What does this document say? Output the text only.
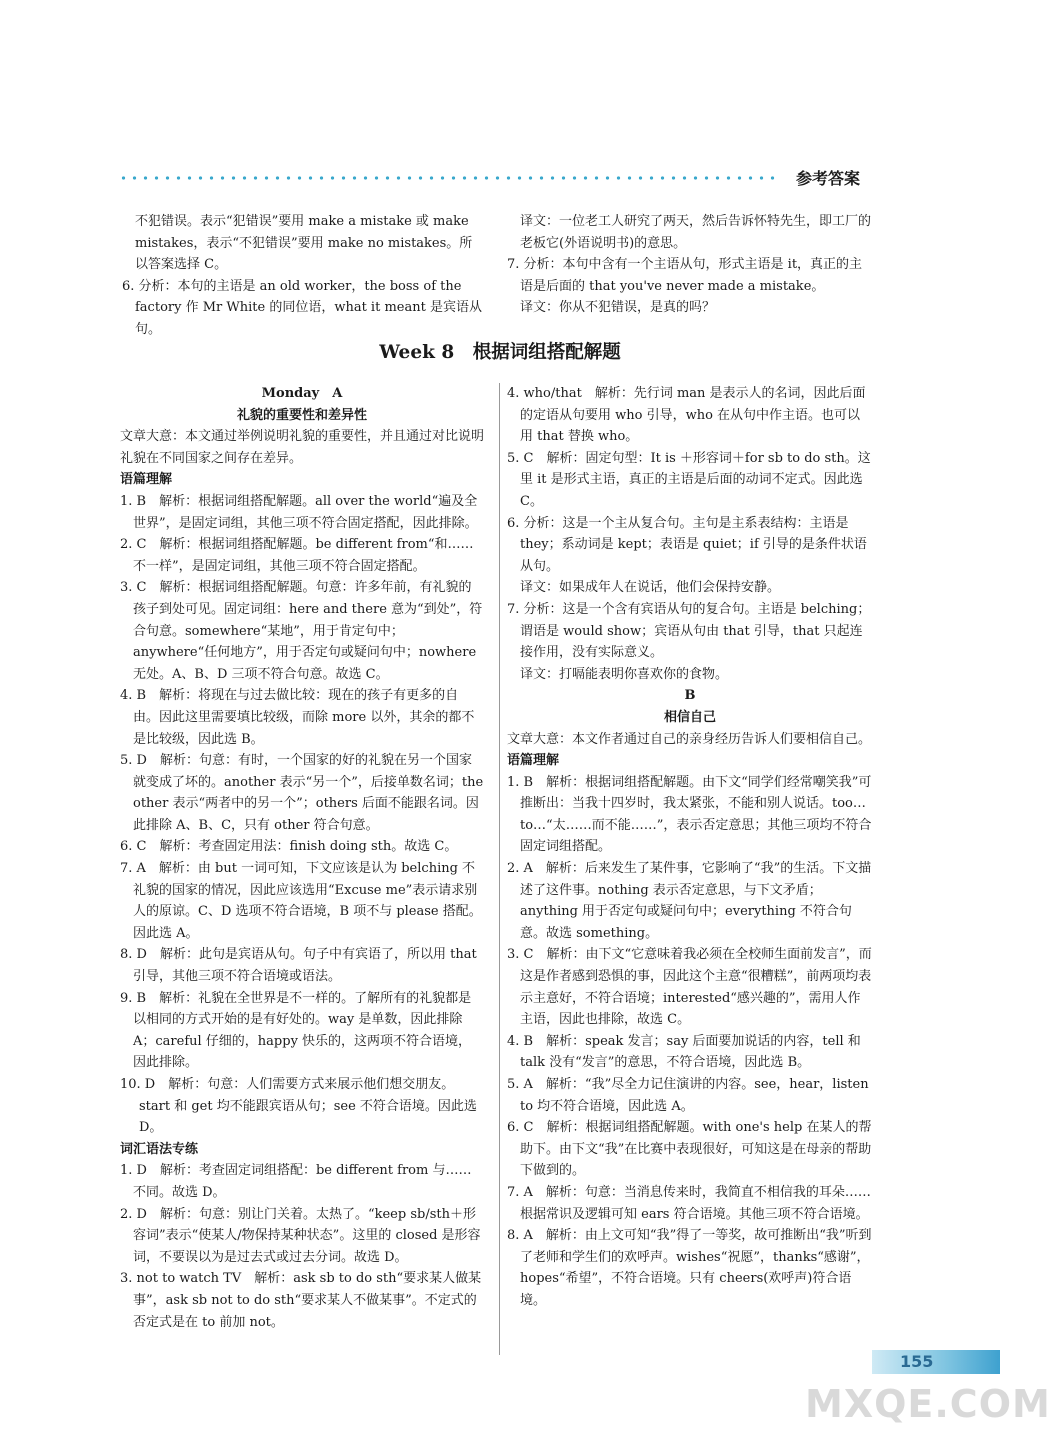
参考答案

不犯错误。表示“犯错误”要用 make a mistake 或 make mistakes，表示“不犯错误”要用 make no mistakes。所以答案选择 C。

6. 分析：本句的主语是 an old worker，the boss of the factory 作 Mr White 的同位语，what it meant 是宾语从句。

译文：一位老工人研究了两天，然后告诉怀特先生，即工厂的老板它(外语说明书)的意思。

7. 分析：本句中含有一个主语从句，形式主语是 it，真正的主语是后面的 that you've never made a mistake。

译文：你从不犯错误，是真的吗？

Week 8 根据词组搭配解题

Monday　A

礼貌的重要性和差异性

文章大意：本文通过举例说明礼貌的重要性，并且通过对比说明礼貌在不同国家之间存在差异。

语篇理解

1. B　解析：根据词组搭配解题。all over the world“遍及全世界”，是固定词组，其他三项不符合固定搭配，因此排除。

2. C　解析：根据词组搭配解题。be different from“和……不一样”，是固定词组，其他三项不符合固定搭配。

3. C　解析：根据词组搭配解题。句意：许多年前，有礼貌的孩子到处可见。固定词组：here and there 意为“到处”，符合句意。somewhere“某地”，用于肯定句中；anywhere“任何地方”，用于否定句或疑问句中；nowhere 无处。A、B、D 三项不符合句意。故选 C。

4. B　解析：将现在与过去做比较：现在的孩子有更多的自由。因此这里需要填比较级，而除 more 以外，其余的都不是比较级，因此选 B。

5. D　解析：句意：有时，一个国家的好的礼貌在另一个国家就变成了坏的。another 表示“另一个”，后接单数名词；the other 表示“两者中的另一个”；others 后面不能跟名词。因此排除 A、B、C，只有 other 符合句意。

6. C　解析：考查固定用法：finish doing sth。故选 C。

7. A　解析：由 but 一词可知，下文应该是认为 belching 不礼貌的国家的情况，因此应该选用“Excuse me”表示请求别人的原谅。C、D 选项不符合语境，B 项不与 please 搭配。因此选 A。

8. D　解析：此句是宾语从句。句子中有宾语了，所以用 that 引导，其他三项不符合语境或语法。

9. B　解析：礼貌在全世界是不一样的。了解所有的礼貌都是以相同的方式开始的是有好处的。way 是单数，因此排除 A；careful 仔细的，happy 快乐的，这两项不符合语境，因此排除。

10. D　解析：句意：人们需要方式来展示他们想交朋友。start 和 get 均不能跟宾语从句；see 不符合语境。因此选 D。

词汇语法专练

1. D　解析：考查固定词组搭配：be different from 与……不同。故选 D。

2. D　解析：句意：别让门关着。太热了。“keep sb/sth＋形容词”表示“使某人/物保持某种状态”。这里的 closed 是形容词，不要误以为是过去式或过去分词。故选 D。

3. not to watch TV　解析：ask sb to do sth“要求某人做某事”，ask sb not to do sth“要求某人不做某事”。不定式的否定式是在 to 前加 not。

4. who/that　解析：先行词 man 是表示人的名词，因此后面的定语从句要用 who 引导，who 在从句中作主语。也可以用 that 替换 who。

5. C　解析：固定句型：It is ＋形容词＋for sb to do sth。这里 it 是形式主语，真正的主语是后面的动词不定式。因此选 C。

6. 分析：这是一个主从复合句。主句是主系表结构：主语是 they；系动词是 kept；表语是 quiet；if 引导的是条件状语从句。

译文：如果成年人在说话，他们会保持安静。

7. 分析：这是一个含有宾语从句的复合句。主语是 belching；谓语是 would show；宾语从句由 that 引导，that 只起连接作用，没有实际意义。

译文：打嗝能表明你喜欢你的食物。

B

相信自己

文章大意：本文作者通过自己的亲身经历告诉人们要相信自己。

语篇理解

1. B　解析：根据词组搭配解题。由下文“同学们经常嘲笑我”可推断出：当我十四岁时，我太紧张，不能和别人说话。too…to…“太……而不能……”，表示否定意思；其他三项均不符合固定词组搭配。

2. A　解析：后来发生了某件事，它影响了“我”的生活。下文描述了这件事。nothing 表示否定意思，与下文矛盾；anything 用于否定句或疑问句中；everything 不符合句意。故选 something。

3. C　解析：由下文“它意味着我必须在全校师生面前发言”，而这是作者感到恐惧的事，因此这个主意“很糟糕”，前两项均表示主意好，不符合语境；interested“感兴趣的”，需用人作主语，因此也排除，故选 C。

4. B　解析：speak 发言；say 后面要加说话的内容，tell 和 talk 没有“发言”的意思，不符合语境，因此选 B。

5. A　解析：“我”尽全力记住演讲的内容。see，hear，listen to 均不符合语境，因此选 A。

6. C　解析：根据词组搭配解题。with one's help 在某人的帮助下。由下文“我”在比赛中表现很好，可知这是在母亲的帮助下做到的。

7. A　解析：句意：当消息传来时，我简直不相信我的耳朵……根据常识及逻辑可知 ears 符合语境。其他三项不符合语境。

8. A　解析：由上文可知“我”得了一等奖，故可推断出“我”听到了老师和学生们的欢呼声。wishes“祝愿”，thanks“感谢”，hopes“希望”，不符合语境。只有 cheers(欢呼声)符合语境。

155
MXQE.COM
